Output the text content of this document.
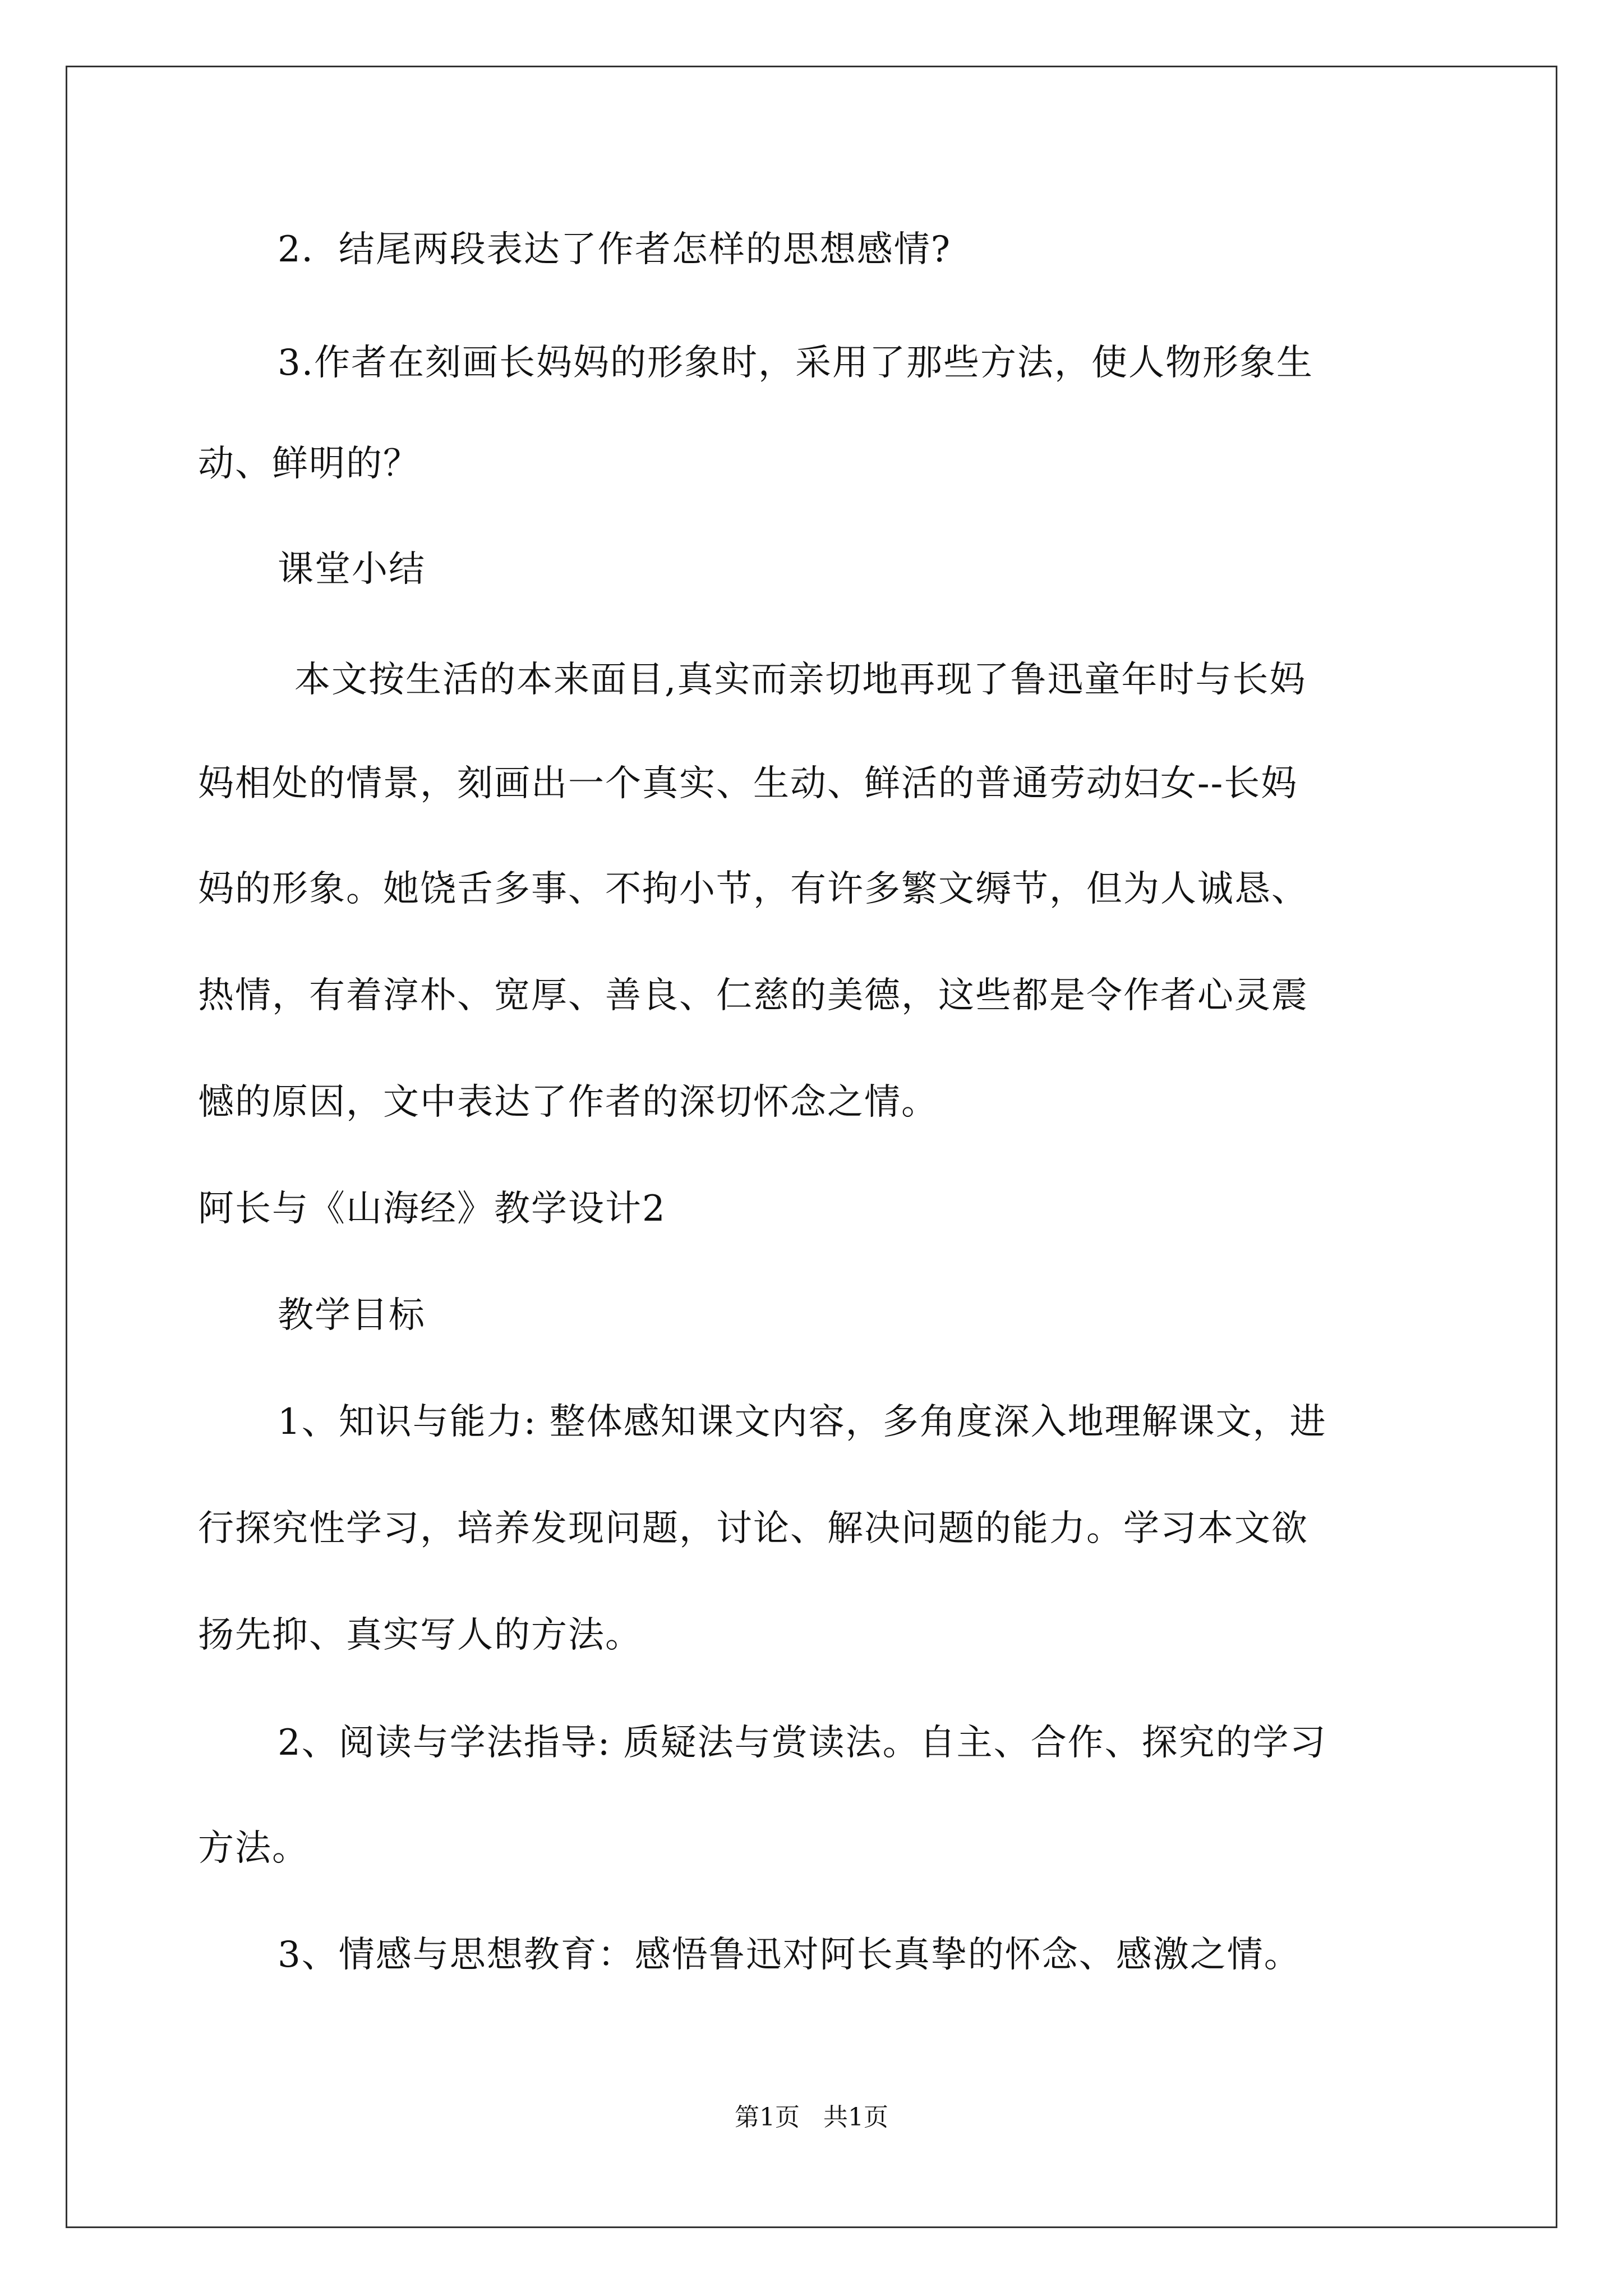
2．结尾两段表达了作者怎样的思想感情?
3.作者在刻画长妈妈的形象时，采用了那些方法，使人物形象生
动、鲜明的？
课堂小结
本文按生活的本来面目,真实而亲切地再现了鲁迅童年时与长妈
妈相处的情景，刻画出一个真实、生动、鲜活的普通劳动妇女--长妈
妈的形象。她饶舌多事、不拘小节，有许多繁文缛节，但为人诚恳、
热情，有着淳朴、宽厚、善良、仁慈的美德，这些都是令作者心灵震
憾的原因，文中表达了作者的深切怀念之情。
阿长与《山海经》教学设计2
教学目标
1、知识与能力: 整体感知课文内容，多角度深入地理解课文，进
行探究性学习，培养发现问题，讨论、解决问题的能力。学习本文欲
扬先抑、真实写人的方法。
2、阅读与学法指导: 质疑法与赏读法。自主、合作、探究的学习
方法。
3、情感与思想教育：感悟鲁迅对阿长真挚的怀念、感激之情。
第1页 共1页
